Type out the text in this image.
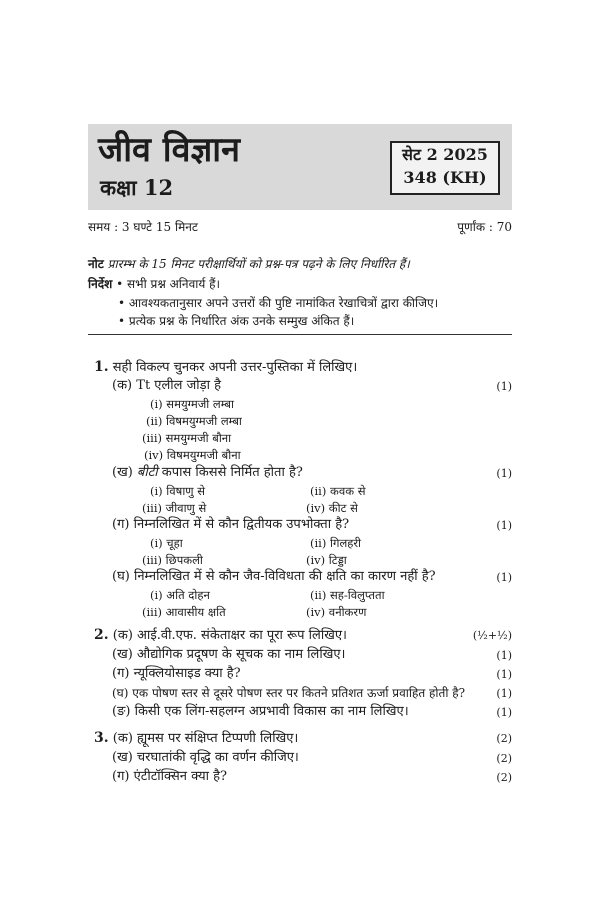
जीव विज्ञान
कक्षा 12
सेट 2 2025
348 (KH)
समय : 3 घण्टे 15 मिनट	पूर्णांक : 70
नोट प्रारम्भ के 15 मिनट परीक्षार्थियों को प्रश्न-पत्र पढ़ने के लिए निर्धारित हैं।
निर्देश • सभी प्रश्न अनिवार्य हैं।
• आवश्यकतानुसार अपने उत्तरों की पुष्टि नामांकित रेखाचित्रों द्वारा कीजिए।
• प्रत्येक प्रश्न के निर्धारित अंक उनके सम्मुख अंकित हैं।
1. सही विकल्प चुनकर अपनी उत्तर-पुस्तिका में लिखिए।
(क) Tt एलील जोड़ा है	(1)
(i) समयुग्मजी लम्बा
(ii) विषमयुग्मजी लम्बा
(iii) समयुग्मजी बौना
(iv) विषमयुग्मजी बौना
(ख) बीटी कपास किससे निर्मित होता है?	(1)
(i) विषाणु से	(ii) कवक से
(iii) जीवाणु से	(iv) कीट से
(ग) निम्नलिखित में से कौन द्वितीयक उपभोक्ता है?	(1)
(i) चूहा	(ii) गिलहरी
(iii) छिपकली	(iv) टिड्डा
(घ) निम्नलिखित में से कौन जैव-विविधता की क्षति का कारण नहीं है?	(1)
(i) अति दोहन	(ii) सह-विलुप्तता
(iii) आवासीय क्षति	(iv) वनीकरण
2. (क) आई.वी.एफ. संकेताक्षर का पूरा रूप लिखिए।	(½+½)
(ख) औद्योगिक प्रदूषण के सूचक का नाम लिखिए।	(1)
(ग) न्यूक्लियोसाइड क्या है?	(1)
(घ) एक पोषण स्तर से दूसरे पोषण स्तर पर कितने प्रतिशत ऊर्जा प्रवाहित होती है?	(1)
(ङ) किसी एक लिंग-सहलग्न अप्रभावी विकास का नाम लिखिए।	(1)
3. (क) ह्यूमस पर संक्षिप्त टिप्पणी लिखिए।	(2)
(ख) चरघातांकी वृद्धि का वर्णन कीजिए।	(2)
(ग) एंटीटॉक्सिन क्या है?	(2)
